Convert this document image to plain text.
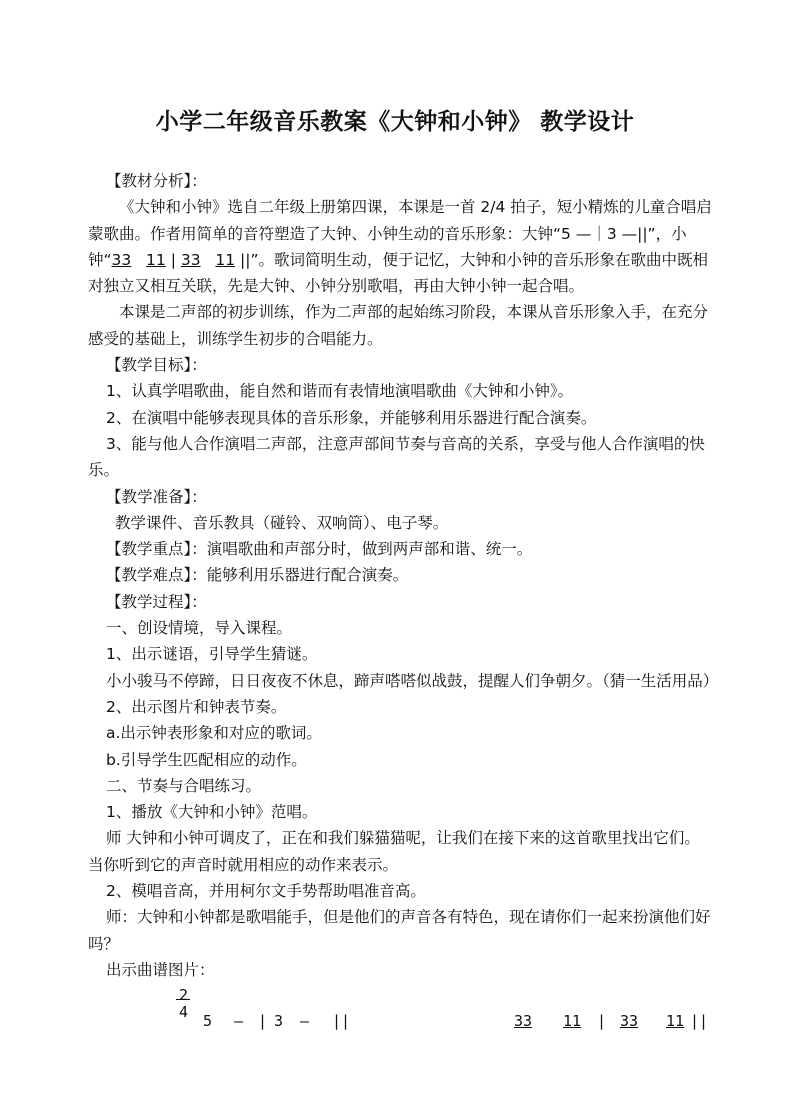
小学二年级音乐教案《大钟和小钟》 教学设计

【教材分析】：

《大钟和小钟》选自二年级上册第四课，本课是一首 2/4 拍子，短小精炼的儿童合唱启蒙歌曲。作者用简单的音符塑造了大钟、小钟生动的音乐形象：大钟“5 —｜3 —||”，小钟“33 11 | 33 11 ||”。歌词简明生动，便于记忆，大钟和小钟的音乐形象在歌曲中既相对独立又相互关联，先是大钟、小钟分别歌唱，再由大钟小钟一起合唱。

本课是二声部的初步训练，作为二声部的起始练习阶段，本课从音乐形象入手，在充分感受的基础上，训练学生初步的合唱能力。

【教学目标】：

1、认真学唱歌曲，能自然和谐而有表情地演唱歌曲《大钟和小钟》。

2、在演唱中能够表现具体的音乐形象，并能够利用乐器进行配合演奏。

3、能与他人合作演唱二声部，注意声部间节奏与音高的关系，享受与他人合作演唱的快乐。

【教学准备】：

教学课件、音乐教具（碰铃、双响筒）、电子琴。

【教学重点】：演唱歌曲和声部分时，做到两声部和谐、统一。

【教学难点】：能够利用乐器进行配合演奏。

【教学过程】：

一、创设情境，导入课程。

1、出示谜语，引导学生猜谜。

小小骏马不停蹄，日日夜夜不休息，蹄声嗒嗒似战鼓，提醒人们争朝夕。（猜一生活用品）

2、出示图片和钟表节奏。

a.出示钟表形象和对应的歌词。

b.引导学生匹配相应的动作。

二、节奏与合唱练习。

1、播放《大钟和小钟》范唱。

师 大钟和小钟可调皮了，正在和我们躲猫猫呢，让我们在接下来的这首歌里找出它们。当你听到它的声音时就用相应的动作来表示。

2、模唱音高，并用柯尔文手势帮助唱准音高。

师：大钟和小钟都是歌唱能手，但是他们的声音各有特色，现在请你们一起来扮演他们好吗？

出示曲谱图片：

2
4 5 — | 3 — ||	33 11 | 33 11 ||
